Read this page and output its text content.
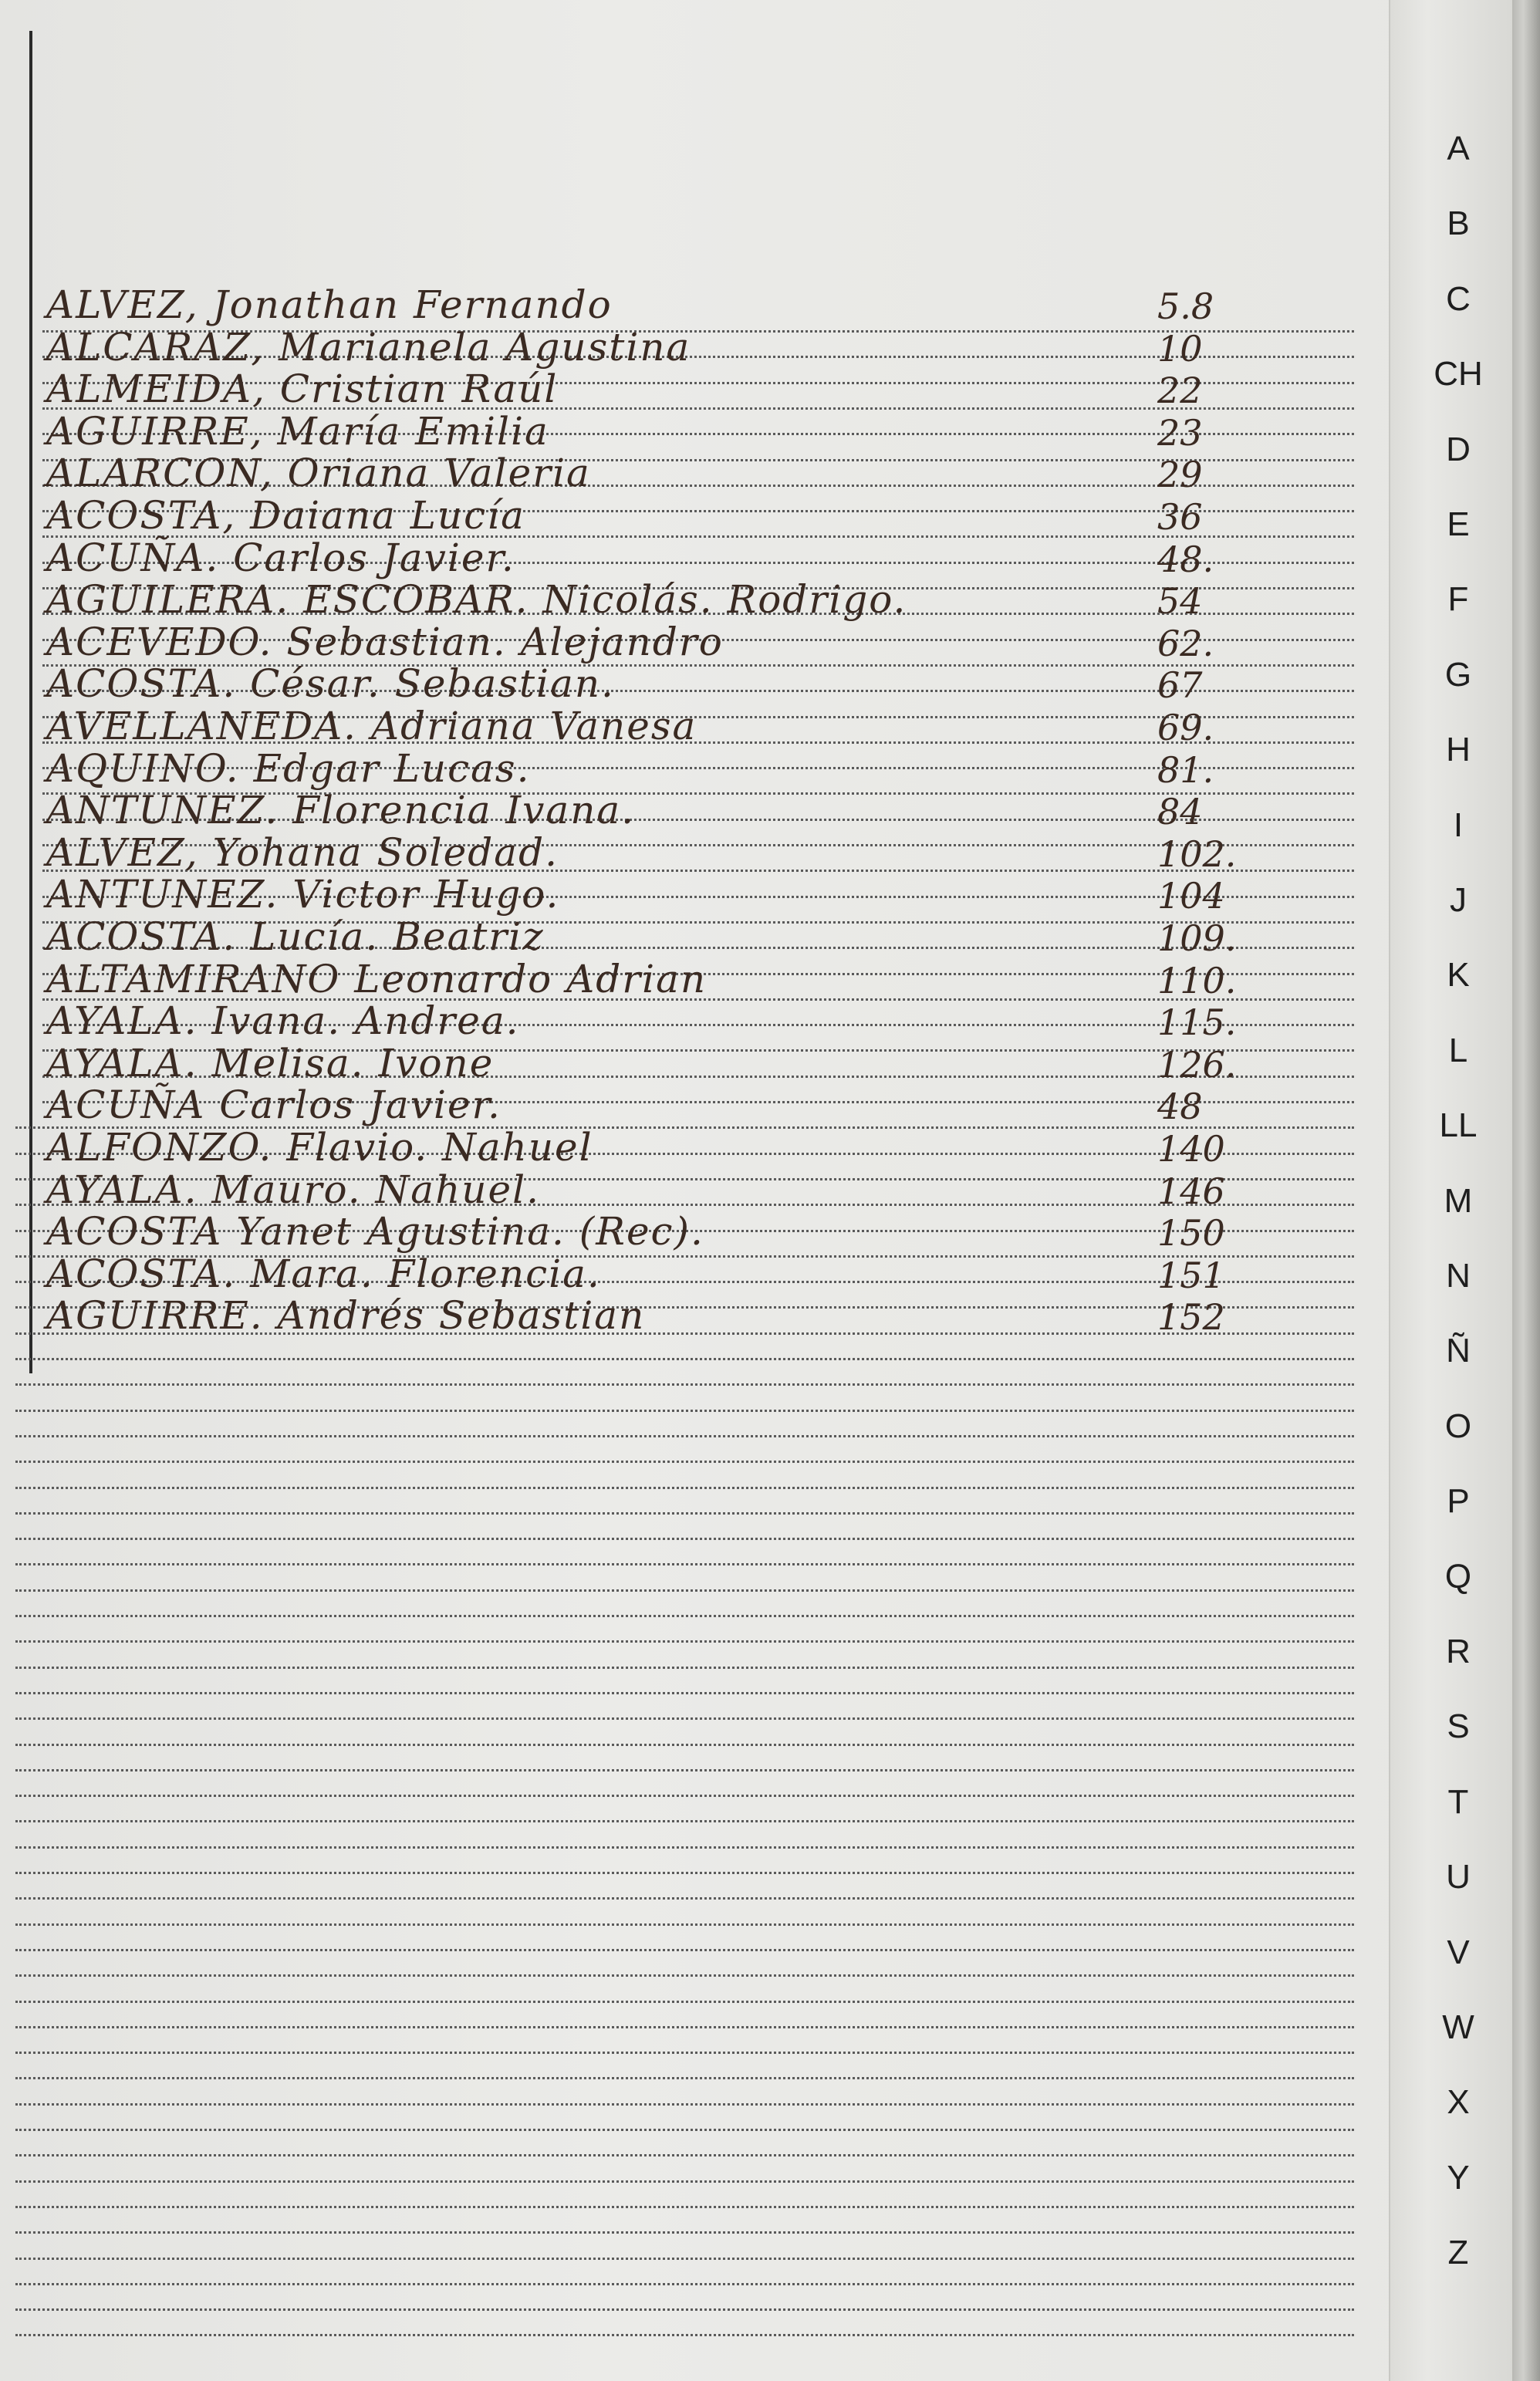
ALVEZ, Jonathan Fernando	5.8
ALCARAZ, Marianela Agustina	10
ALMEIDA, Cristian Raúl	22
AGUIRRE, María Emilia	23
ALARCON, Oriana Valeria	29
ACOSTA, Daiana Lucía	36
ACUÑA. Carlos Javier.	48.
AGUILERA. ESCOBAR. Nicolás. Rodrigo.	54
ACEVEDO. Sebastian. Alejandro	62.
ACOSTA. César. Sebastian.	67
AVELLANEDA. Adriana Vanesa	69.
AQUINO. Edgar Lucas.	81.
ANTUNEZ. Florencia Ivana.	84
ALVEZ, Yohana Soledad.	102.
ANTUNEZ. Victor Hugo.	104
ACOSTA. Lucía. Beatriz	109.
ALTAMIRANO Leonardo Adrian	110.
AYALA. Ivana. Andrea.	115.
AYALA. Melisa. Ivone	126.
ACUÑA Carlos Javier.	48
ALFONZO. Flavio. Nahuel	140
AYALA. Mauro. Nahuel.	146
ACOSTA Yanet Agustina. (Rec).	150
ACOSTA. Mara. Florencia.	151
AGUIRRE. Andrés Sebastian	152
A
B
C
CH
D
E
F
G
H
I
J
K
L
LL
M
N
Ñ
O
P
Q
R
S
T
U
V
W
X
Y
Z
